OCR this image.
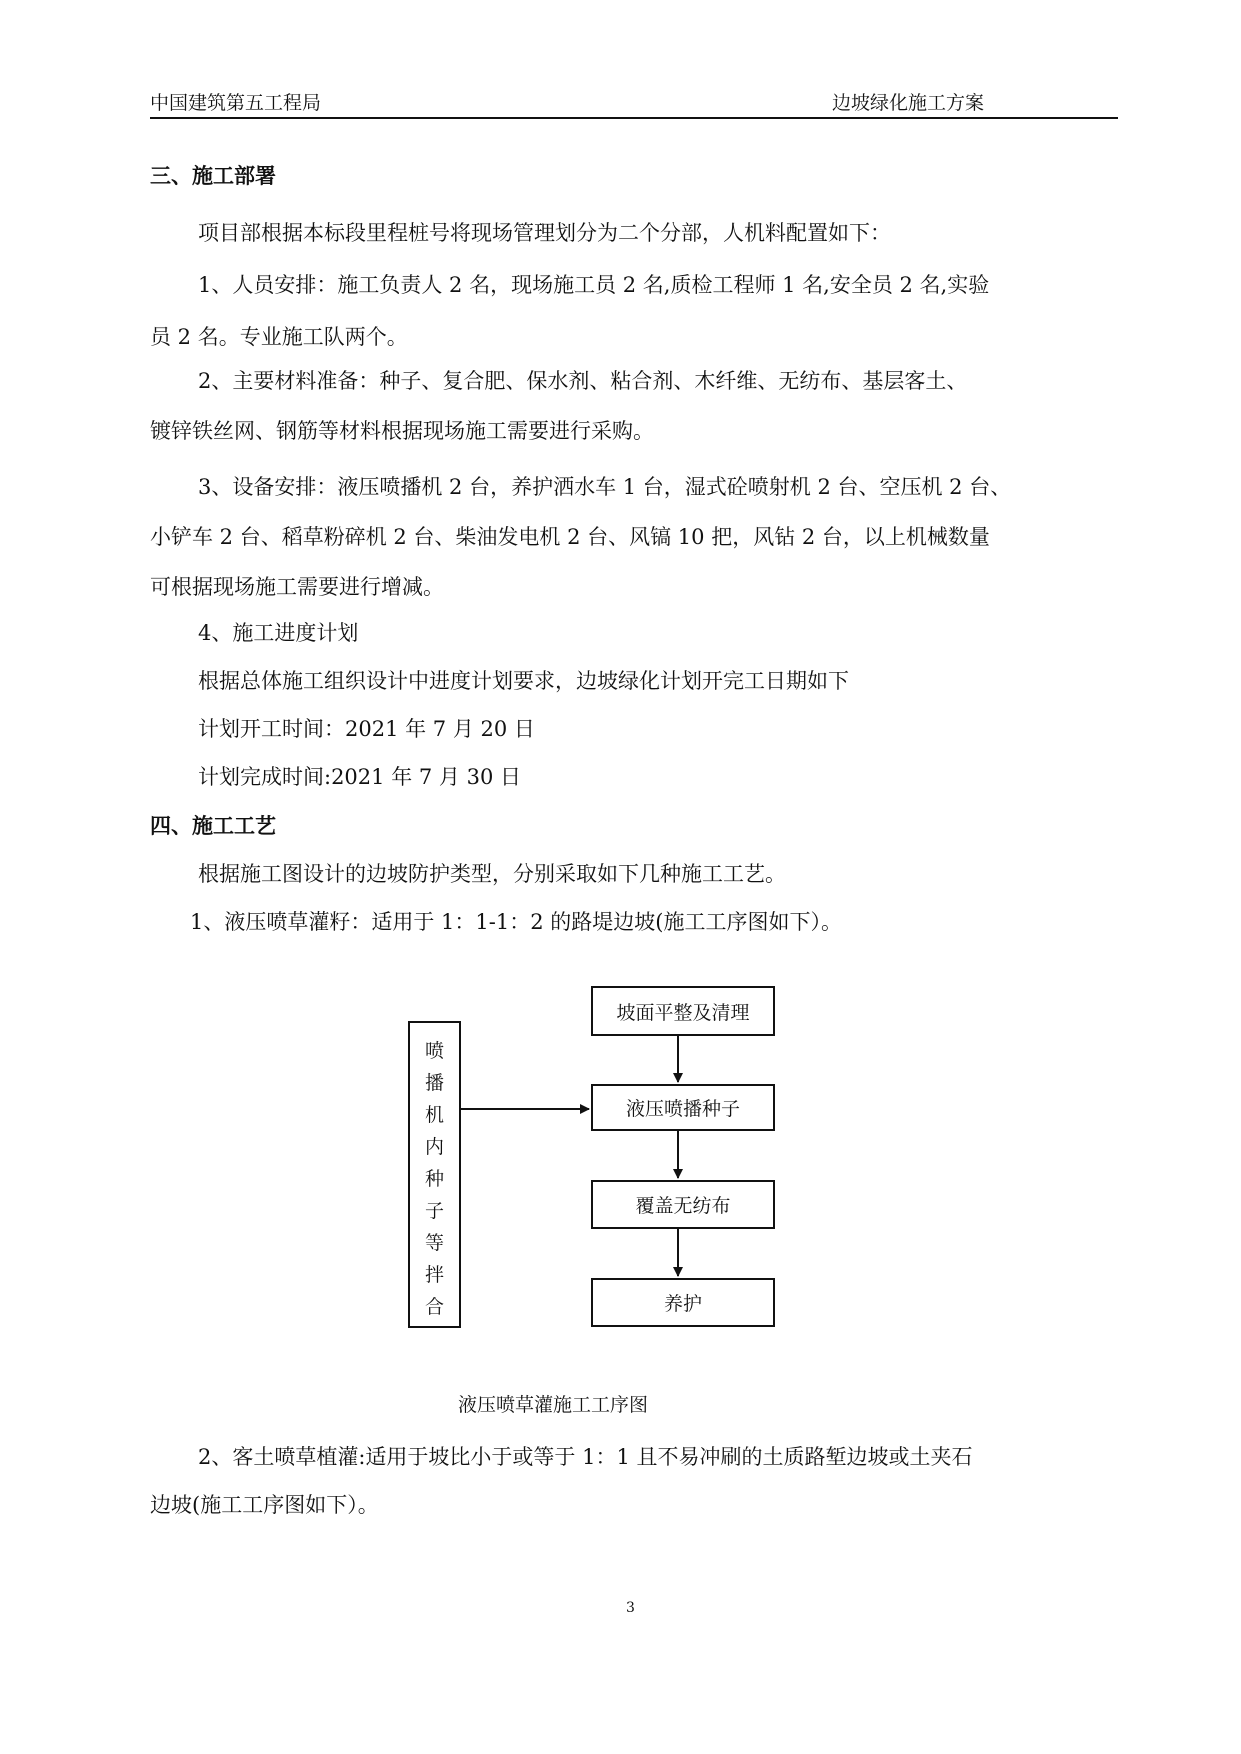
中国建筑第五工程局	边坡绿化施工方案
三、施工部署
项目部根据本标段里程桩号将现场管理划分为二个分部，人机料配置如下：
1、人员安排：施工负责人 2 名，现场施工员 2 名,质检工程师 1 名,安全员 2 名,实验
员 2 名。专业施工队两个。
2、主要材料准备：种子、复合肥、保水剂、粘合剂、木纤维、无纺布、基层客土、
镀锌铁丝网、钢筋等材料根据现场施工需要进行采购。
3、设备安排：液压喷播机 2 台，养护洒水车 1 台，湿式砼喷射机 2 台、空压机 2 台、
小铲车 2 台、稻草粉碎机 2 台、柴油发电机 2 台、风镐 10 把，风钻 2 台，以上机械数量
可根据现场施工需要进行增减。
4、施工进度计划
根据总体施工组织设计中进度计划要求，边坡绿化计划开完工日期如下
计划开工时间：2021 年 7 月 20 日
计划完成时间:2021 年 7 月 30 日
四、施工工艺
根据施工图设计的边坡防护类型，分别采取如下几种施工工艺。
1、液压喷草灌籽：适用于 1：1-1：2 的路堤边坡(施工工序图如下）。
喷
播
机
内
种
子
等
拌
合
坡面平整及清理
液压喷播种子
覆盖无纺布
养护
液压喷草灌施工工序图
2、客土喷草植灌:适用于坡比小于或等于 1：1 且不易冲刷的土质路堑边坡或土夹石
边坡(施工工序图如下）。
3
